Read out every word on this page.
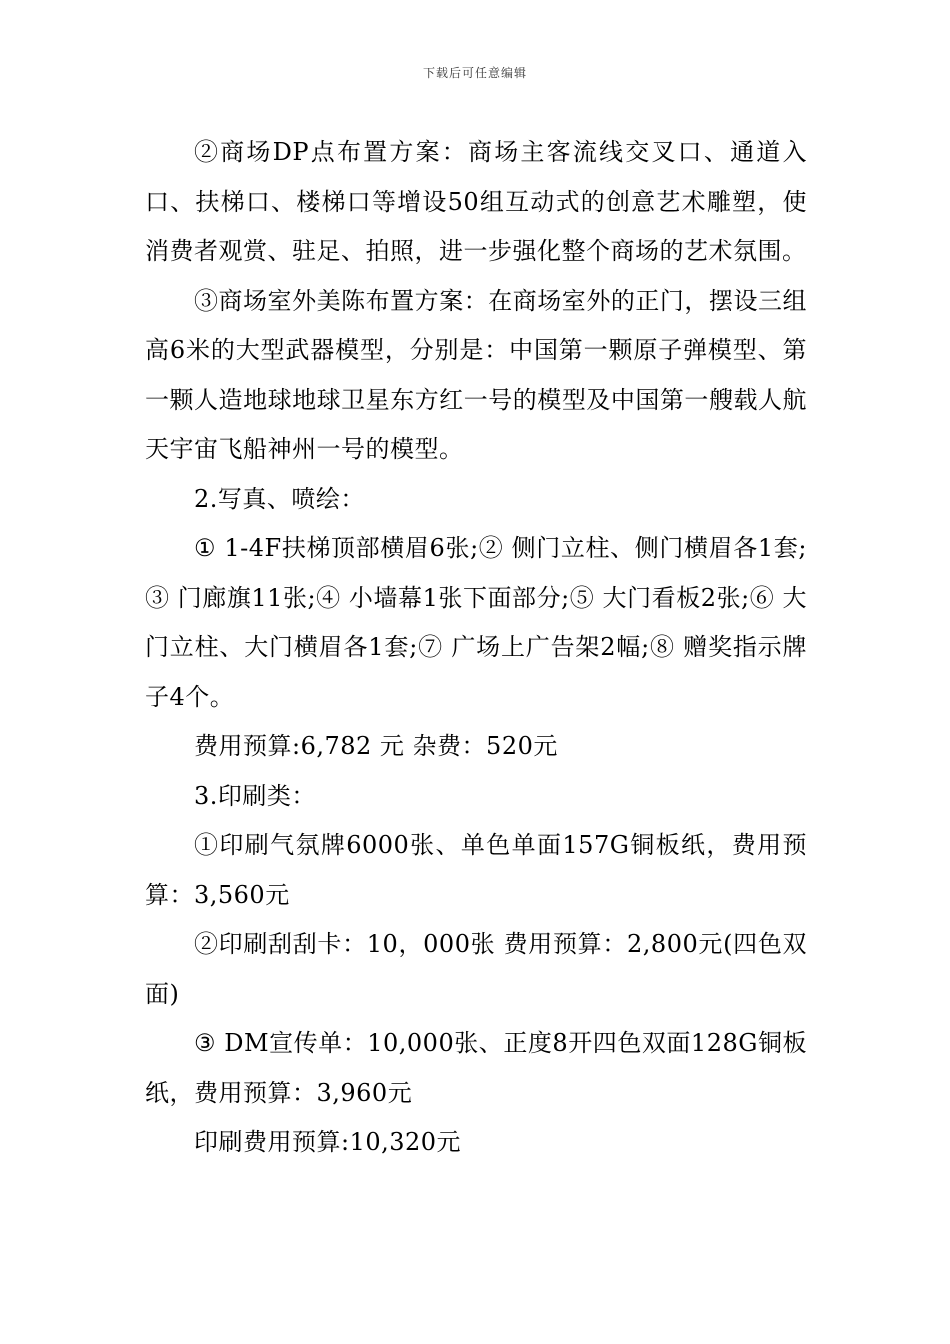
下载后可任意编辑

②商场DP点布置方案：商场主客流线交叉口、通道入口、扶梯口、楼梯口等增设50组互动式的创意艺术雕塑，使消费者观赏、驻足、拍照，进一步强化整个商场的艺术氛围。

③商场室外美陈布置方案：在商场室外的正门，摆设三组高6米的大型武器模型，分别是：中国第一颗原子弹模型、第一颗人造地球地球卫星东方红一号的模型及中国第一艘载人航天宇宙飞船神州一号的模型。

2.写真、喷绘：

① 1-4F扶梯顶部横眉6张;② 侧门立柱、侧门横眉各1套;③ 门廊旗11张;④ 小墙幕1张下面部分;⑤ 大门看板2张;⑥ 大门立柱、大门横眉各1套;⑦ 广场上广告架2幅;⑧ 赠奖指示牌子4个。

费用预算:6,782 元 杂费：520元

3.印刷类：

①印刷气氛牌6000张、单色单面157G铜板纸，费用预算：3,560元

②印刷刮刮卡：10，000张 费用预算：2,800元(四色双面)

③ DM宣传单：10,000张、正度8开四色双面128G铜板纸，费用预算：3,960元

印刷费用预算:10,320元
